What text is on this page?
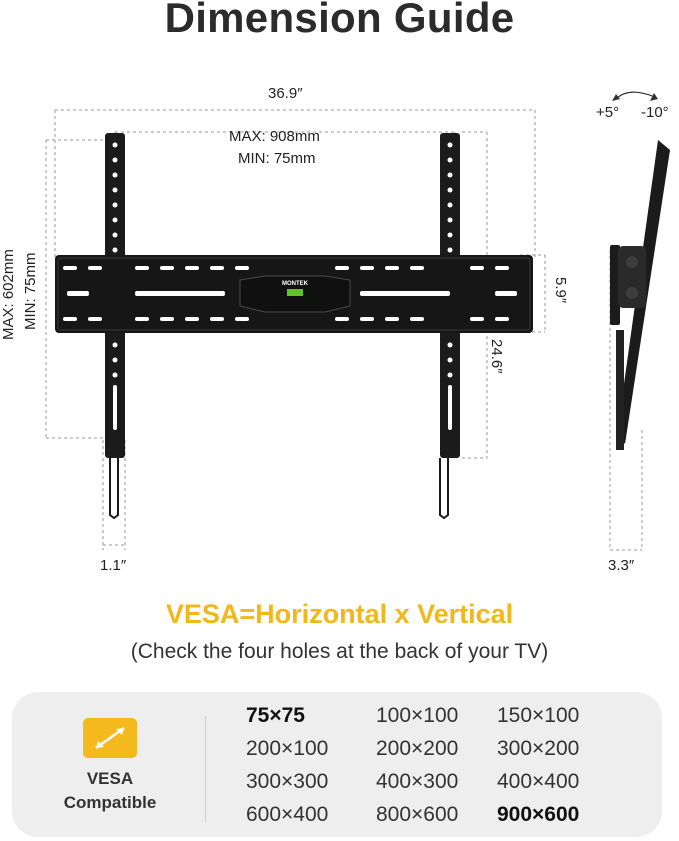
Dimension Guide
MONTEK
36.9″
MAX: 908mm
MIN: 75mm
MAX: 602mm MIN: 75mm	5.9″
24.6″
1.1″	3.3″
+5° -10°
VESA=Horizontal x Vertical
(Check the four holes at the back of your TV)
VESA
Compatible
75×75	100×100 150×100
200×100 200×200 300×200
300×300 400×300 400×400
600×400 800×600 900×600
